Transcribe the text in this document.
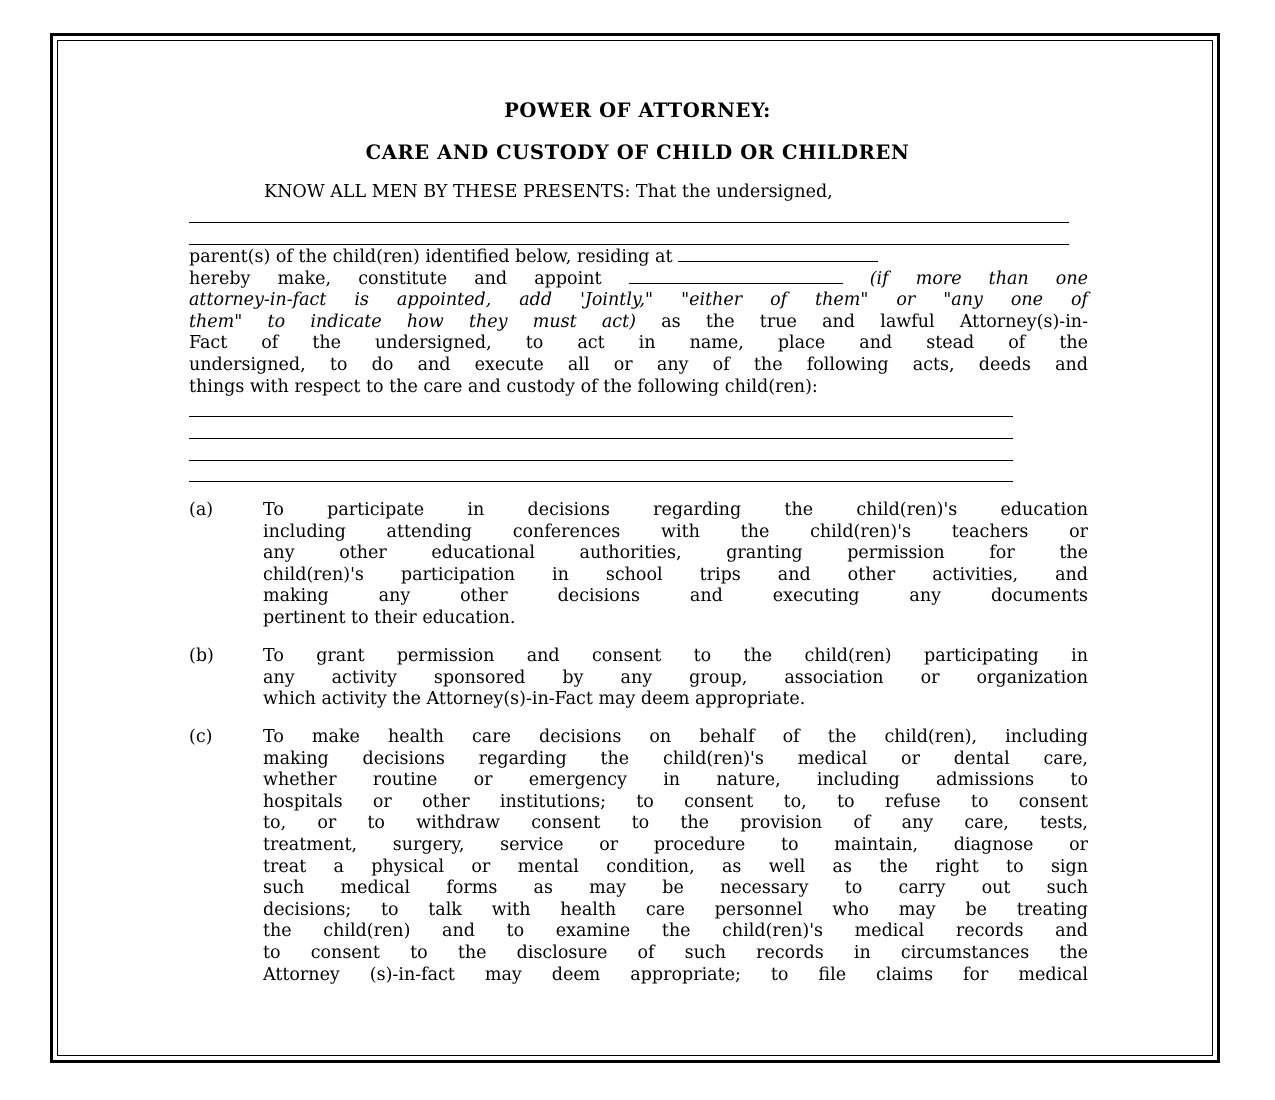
POWER OF ATTORNEY:
CARE AND CUSTODY OF CHILD OR CHILDREN
KNOW ALL MEN BY THESE PRESENTS: That the undersigned,
parent(s) of the child(ren) identified below, residing at
hereby make, constitute and appoint	(if more than one
attorney-in-fact is appointed, add 'Jointly," "either of them" or "any one of
them" to indicate how they must act) as the true and lawful Attorney(s)-in-
Fact of the undersigned, to act in name, place and stead of the
undersigned, to do and execute all or any of the following acts, deeds and
things with respect to the care and custody of the following child(ren):
(a)	To participate in decisions regarding the child(ren)'s education
including attending conferences with the child(ren)'s teachers or
any other educational authorities, granting permission for the
child(ren)'s participation in school trips and other activities, and
making any other decisions and executing any documents
pertinent to their education.
(b)	To grant permission and consent to the child(ren) participating in
any activity sponsored by any group, association or organization
which activity the Attorney(s)-in-Fact may deem appropriate.
(c)	To make health care decisions on behalf of the child(ren), including
making decisions regarding the child(ren)'s medical or dental care,
whether routine or emergency in nature, including admissions to
hospitals or other institutions; to consent to, to refuse to consent
to, or to withdraw consent to the provision of any care, tests,
treatment, surgery, service or procedure to maintain, diagnose or
treat a physical or mental condition, as well as the right to sign
such medical forms as may be necessary to carry out such
decisions; to talk with health care personnel who may be treating
the child(ren) and to examine the child(ren)'s medical records and
to consent to the disclosure of such records in circumstances the
Attorney (s)-in-fact may deem appropriate; to file claims for medical
